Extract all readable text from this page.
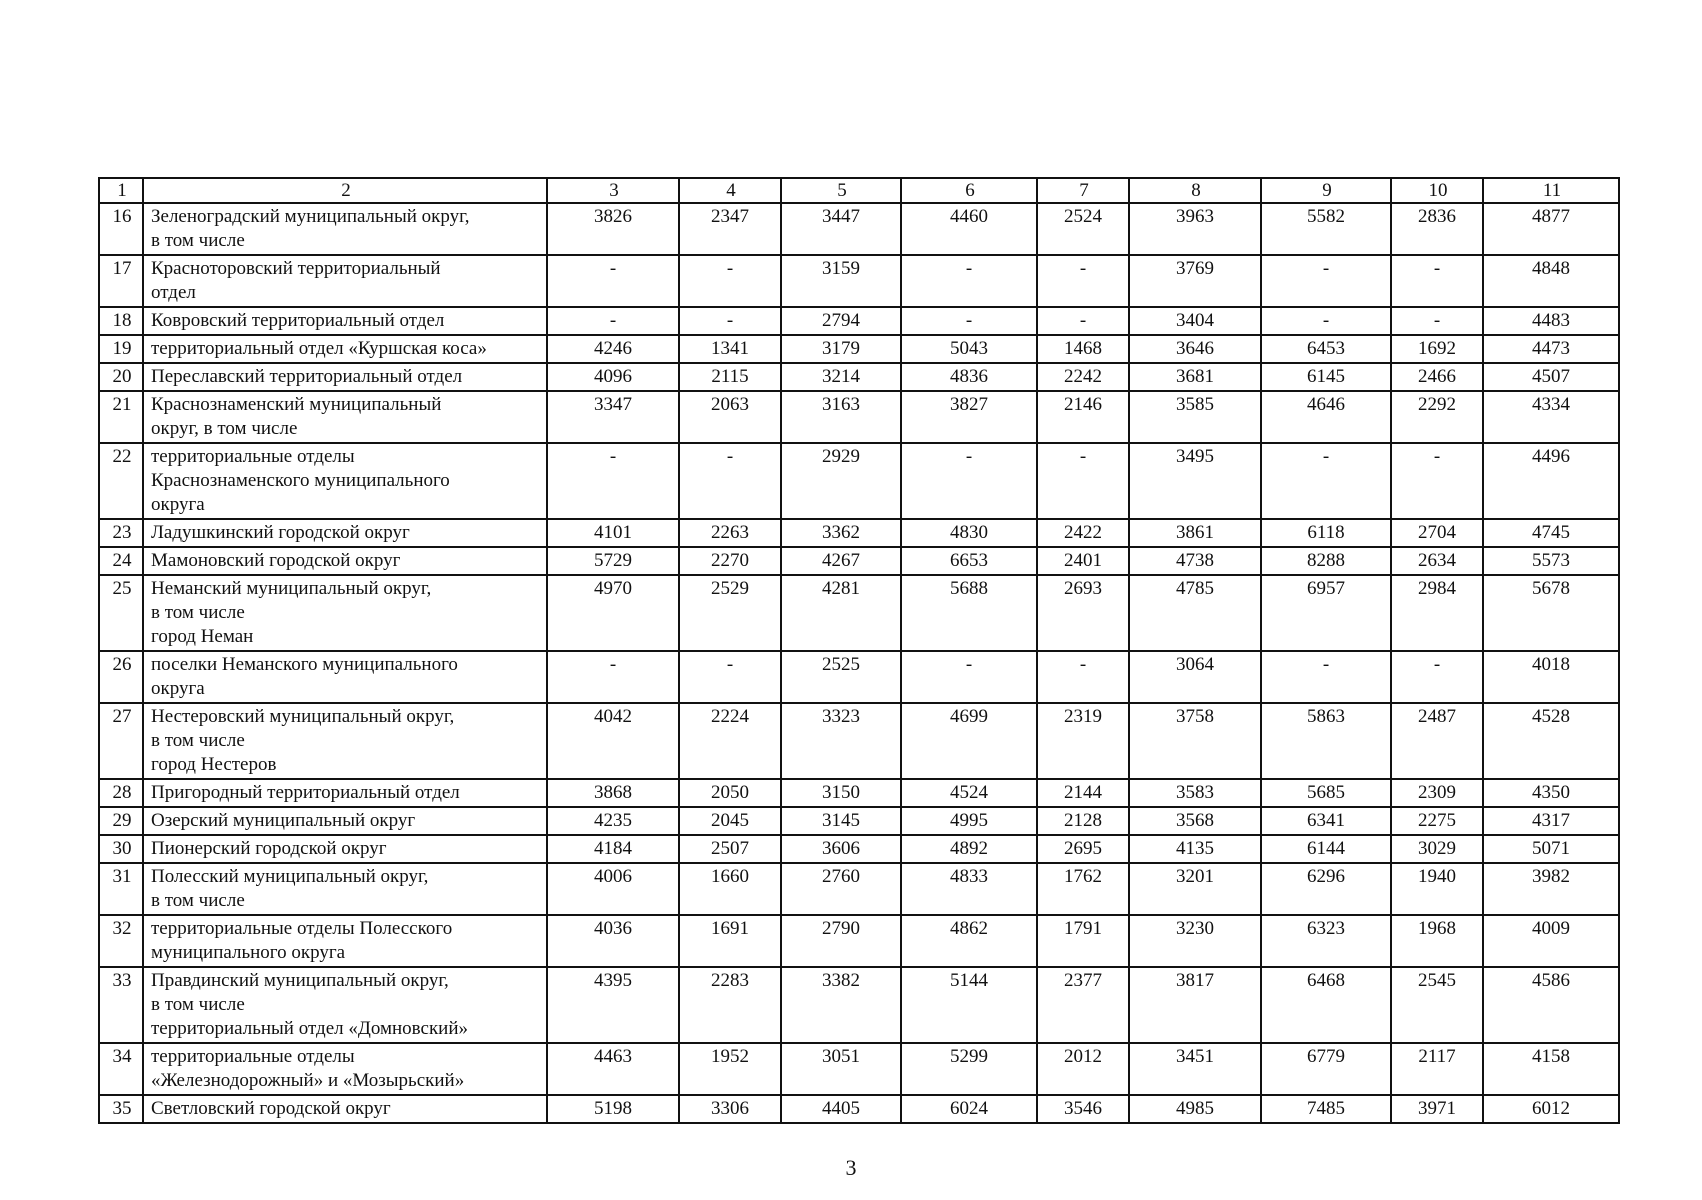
1	2	3	4	5	6	7	8	9	10	11
16	Зеленоградский муниципальный округ,
в том числе	3826	2347	3447	4460	2524	3963	5582	2836	4877
17	Красноторовский территориальный
отдел	-	-	3159	-	-	3769	-	-	4848
18	Ковровский территориальный отдел	-	-	2794	-	-	3404	-	-	4483
19	территориальный отдел «Куршская коса»	4246	1341	3179	5043	1468	3646	6453	1692	4473
20	Переславский территориальный отдел	4096	2115	3214	4836	2242	3681	6145	2466	4507
21	Краснознаменский муниципальный
округ, в том числе	3347	2063	3163	3827	2146	3585	4646	2292	4334
22	территориальные отделы
Краснознаменского муниципального
округа	-	-	2929	-	-	3495	-	-	4496
23	Ладушкинский городской округ	4101	2263	3362	4830	2422	3861	6118	2704	4745
24	Мамоновский городской округ	5729	2270	4267	6653	2401	4738	8288	2634	5573
25	Неманский муниципальный округ,
в том числе
город Неман	4970	2529	4281	5688	2693	4785	6957	2984	5678
26	поселки Неманского муниципального
округа	-	-	2525	-	-	3064	-	-	4018
27	Нестеровский муниципальный округ,
в том числе
город Нестеров	4042	2224	3323	4699	2319	3758	5863	2487	4528
28	Пригородный территориальный отдел	3868	2050	3150	4524	2144	3583	5685	2309	4350
29	Озерский муниципальный округ	4235	2045	3145	4995	2128	3568	6341	2275	4317
30	Пионерский городской округ	4184	2507	3606	4892	2695	4135	6144	3029	5071
31	Полесский муниципальный округ,
в том числе	4006	1660	2760	4833	1762	3201	6296	1940	3982
32	территориальные отделы Полесского
муниципального округа	4036	1691	2790	4862	1791	3230	6323	1968	4009
33	Правдинский муниципальный округ,
в том числе
территориальный отдел «Домновский»	4395	2283	3382	5144	2377	3817	6468	2545	4586
34	территориальные отделы
«Железнодорожный» и «Мозырьский»	4463	1952	3051	5299	2012	3451	6779	2117	4158
35	Светловский городской округ	5198	3306	4405	6024	3546	4985	7485	3971	6012
3
